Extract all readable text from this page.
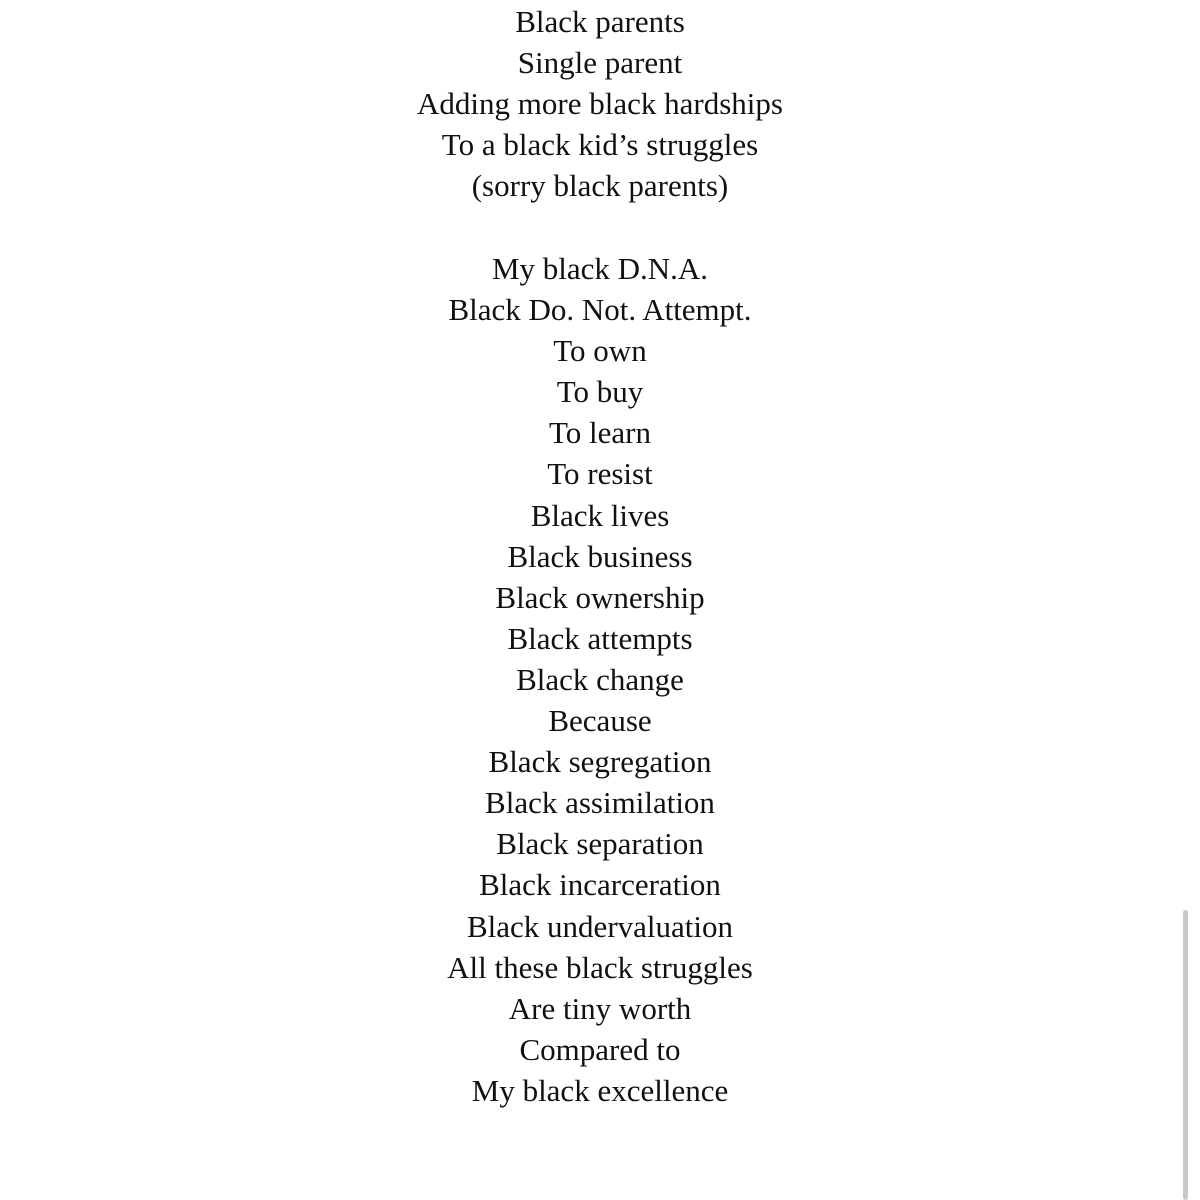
Black parents
Single parent
Adding more black hardships
To a black kid’s struggles
(sorry black parents)
My black D.N.A.
Black Do. Not. Attempt.
To own
To buy
To learn
To resist
Black lives
Black business
Black ownership
Black attempts
Black change
Because
Black segregation
Black assimilation
Black separation
Black incarceration
Black undervaluation
All these black struggles
Are tiny worth
Compared to
My black excellence
